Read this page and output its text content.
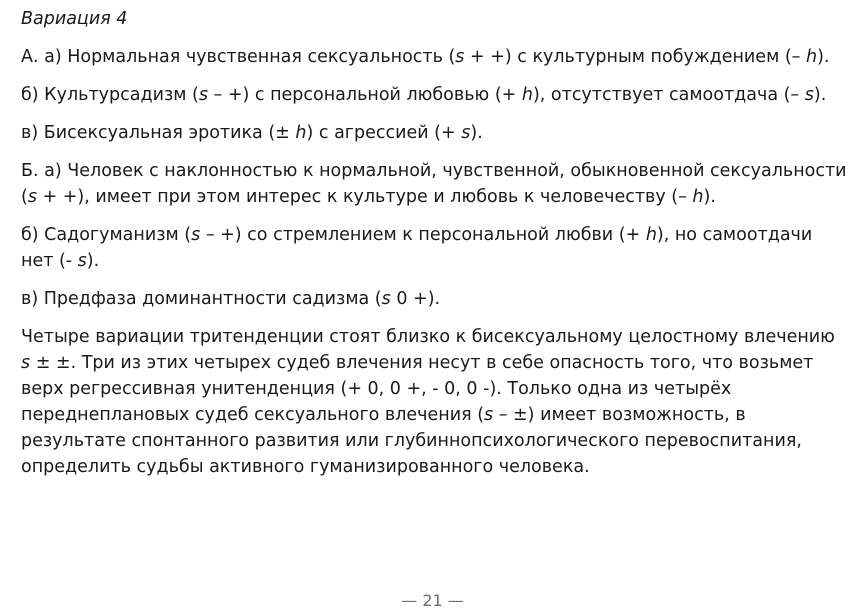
Вариация 4

А. а) Нормальная чувственная сексуальность (s + +) с культурным побуждением (– h).

б) Культурсадизм (s – +) с персональной любовью (+ h), отсутствует самоотдача (– s).

в) Бисексуальная эротика (± h) с агрессией (+ s).

Б. а) Человек с наклонностью к нормальной, чувственной, обыкновенной сексуальности (s + +), имеет при этом интерес к культуре и любовь к человечеству (– h).

б) Садогуманизм (s – +) со стремлением к персональной любви (+ h), но самоотдачи нет (- s).

в) Предфаза доминантности садизма (s 0 +).

Четыре вариации тритенденции стоят близко к бисексуальному целостному влечению s ± ±. Три из этих четырех судеб влечения несут в себе опасность того, что возьмет верх регрессивная унитенденция (+ 0, 0 +, - 0, 0 -). Только одна из четырёх переднеплановых судеб сексуального влечения (s – ±) имеет возможность, в результате спонтанного развития или глубиннопсихологического перевоспитания, определить судьбы активного гуманизированного человека.

— 21 —
